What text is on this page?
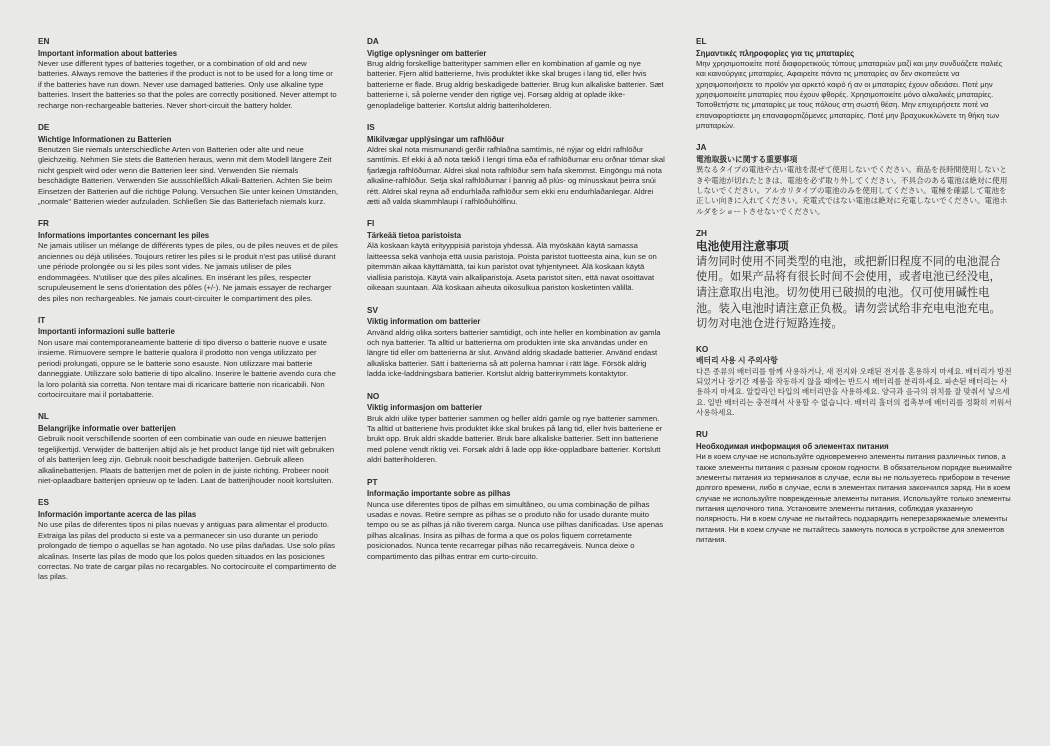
EN
Important information about batteries
Never use different types of batteries together, or a combination of old and new batteries. Always remove the batteries if the product is not to be used for a long time or if the batteries have run down. Never use damaged batteries. Only use alkaline type batteries. Insert the batteries so that the poles are correctly positioned. Never attempt to recharge non-rechargeable batteries. Never short-circuit the battery holder.
DE
Wichtige Informationen zu Batterien
Benutzen Sie niemals unterschiedliche Arten von Batterien oder alte und neue gleichzeitig. Nehmen Sie stets die Batterien heraus, wenn mit dem Modell längere Zeit nicht gespielt wird oder wenn die Batterien leer sind. Verwenden Sie niemals beschädigte Batterien. Verwenden Sie ausschließlich Alkali-Batterien. Achten Sie beim Einsetzen der Batterien auf die richtige Polung. Versuchen Sie unter keinen Umständen, „normale" Batterien wieder aufzuladen. Schließen Sie das Batteriefach niemals kurz.
FR
Informations importantes concernant les piles
Ne jamais utiliser un mélange de différents types de piles, ou de piles neuves et de piles anciennes ou déjà utilisées. Toujours retirer les piles si le produit n'est pas utilisé durant une période prolongée ou si les piles sont vides. Ne jamais utiliser de piles endommagées. N'utiliser que des piles alcalines. En insérant les piles, respecter scrupuleusement le sens d'orientation des pôles (+/-). Ne jamais essayer de recharger des piles non rechargeables. Ne jamais court-circuiter le compartiment des piles.
IT
Importanti informazioni sulle batterie
Non usare mai contemporaneamente batterie di tipo diverso o batterie nuove e usate insieme. Rimuovere sempre le batterie qualora il prodotto non venga utilizzato per periodi prolungati, oppure se le batterie sono esauste. Non utilizzare mai batterie danneggiate. Utilizzare solo batterie di tipo alcalino. Inserire le batterie avendo cura che la loro polarità sia corretta. Non tentare mai di ricaricare batterie non ricaricabili. Non cortocircuitare mai il portabatterie.
NL
Belangrijke informatie over batterijen
Gebruik nooit verschillende soorten of een combinatie van oude en nieuwe batterijen tegelijkertijd. Verwijder de batterijen altijd als je het product lange tijd niet wilt gebruiken of als batterijen leeg zijn. Gebruik nooit beschadigde batterijen. Gebruik alleen alkalinebatterijen. Plaats de batterijen met de polen in de juiste richting. Probeer nooit niet-oplaadbare batterijen opnieuw op te laden. Laat de batterijhouder nooit kortsluiten.
ES
Información importante acerca de las pilas
No use pilas de diferentes tipos ni pilas nuevas y antiguas para alimentar el producto. Extraiga las pilas del producto si este va a permanecer sin uso durante un periodo prolongado de tiempo o aquellas se han agotado. No use pilas dañadas. Use solo pilas alcalinas. Inserte las pilas de modo que los polos queden situados en las posiciones correctas. No trate de cargar pilas no recargables. No cortocircuite el compartimento de las pilas.
DA
Vigtige oplysninger om batterier
Brug aldrig forskellige batterityper sammen eller en kombination af gamle og nye batterier. Fjern altid batterierne, hvis produktet ikke skal bruges i lang tid, eller hvis batterierne er flade. Brug aldrig beskadigede batterier. Brug kun alkaliske batterier. Sæt batterierne i, så polerne vender den rigtige vej. Forsøg aldrig at oplade ikke-genopladelige batterier. Kortslut aldrig batteriholderen.
IS
Mikilvægar upplýsingar um rafhlöður
Aldrei skal nota mismunandi gerðir rafhlaðna samtímis, né nýjar og eldri rafhlöður samtímis. Ef ekki á að nota tækið í lengri tíma eða ef rafhlöðurnar eru orðnar tómar skal fjarlægja rafhlöðurnar. Aldrei skal nota rafhlöður sem hafa skemmst. Eingöngu má nota alkaline-rafhlöður. Setja skal rafhlöðurnar í þannig að plús- og mínusskaut þeirra snúi rétt. Aldrei skal reyna að endurhlaða rafhlöður sem ekki eru endurhlaðanlegar. Aldrei ætti að valda skammhlaupi í rafhlöðuhólfinu.
FI
Tärkeää tietoa paristoista
Älä koskaan käytä erityyppisiä paristoja yhdessä. Älä myöskään käytä samassa laitteessa sekä vanhoja että uusia paristoja. Poista paristot tuotteesta aina, kun se on pitemmän aikaa käyttämättä, tai kun paristot ovat tyhjentyneet. Älä koskaan käytä viallisia paristoja. Käytä vain alkaliparistoja. Aseta paristot siten, että navat osoittavat oikeaan suuntaan. Älä koskaan aiheuta oikosulkua pariston kosketinten välillä.
SV
Viktig information om batterier
Använd aldrig olika sorters batterier samtidigt, och inte heller en kombination av gamla och nya batterier. Ta alltid ur batterierna om produkten inte ska användas under en längre tid eller om batterierna är slut. Använd aldrig skadade batterier. Använd endast alkaliska batterier. Sätt i batterierna så att polerna hamnar i rätt läge. Försök aldrig ladda icke-laddningsbara batterier. Kortslut aldrig batterirymmets kontaktytor.
NO
Viktig informasjon om batterier
Bruk aldri ulike typer batterier sammen og heller aldri gamle og nye batterier sammen. Ta alltid ut batteriene hvis produktet ikke skal brukes på lang tid, eller hvis batteriene er brukt opp. Bruk aldri skadde batterier. Bruk bare alkaliske batterier. Sett inn batteriene med polene vendt riktig vei. Forsøk aldri å lade opp ikke-oppladbare batterier. Kortslutt aldri batteriholderen.
PT
Informação importante sobre as pilhas
Nunca use diferentes tipos de pilhas em simultâneo, ou uma combinação de pilhas usadas e novas. Retire sempre as pilhas se o produto não for usado durante muito tempo ou se as pilhas já não tiverem carga. Nunca use pilhas danificadas. Use apenas pilhas alcalinas. Insira as pilhas de forma a que os polos fiquem corretamente posicionados. Nunca tente recarregar pilhas não recarregáveis. Nunca deixe o compartimento das pilhas entrar em curto-circuito.
EL
Σημαντικές πληροφορίες για τις μπαταρίες
Μην χρησιμοποιείτε ποτέ διαφορετικούς τύπους μπαταριών μαζί και μην συνδυάζετε παλιές και καινούργιες μπαταρίες. Αφαιρείτε πάντα τις μπαταρίες αν δεν σκοπεύετε να χρησιμοποιήσετε το προϊόν για αρκετό καιρό ή αν οι μπαταρίες έχουν αδειάσει. Ποτέ μην χρησιμοποιείτε μπαταρίες που έχουν φθορές. Χρησιμοποιείτε μόνο αλκαλικές μπαταρίες. Τοποθετήστε τις μπαταρίες με τους πόλους στη σωστή θέση. Μην επιχειρήσετε ποτέ να επαναφορτίσετε μη επαναφορτιζόμενες μπαταρίες. Ποτέ μην βραχυκυκλώνετε τη θήκη των μπαταριών.
JA
電池取扱いに関する重要事項
異なるタイプの電池や古い電池を混ぜて使用しないでください。商品を長時間使用しないときや電池が切れたときは、電池を必ず取り外してください。不具合のある電池は絶対に使用しないでください。アルカリタイプの電池のみを使用してください。電極を確認して電池を正しい向きに入れてください。充電式ではない電池は絶対に充電しないでください。電池ホルダをショートさせないでください。
ZH
电池使用注意事项
请勿同时使用不同类型的电池，或把新旧程度不同的电池混合使用。如果产品将有很长时间不会使用，或者电池已经没电，请注意取出电池。切勿使用已破损的电池。仅可使用碱性电池。装入电池时请注意正负极。请勿尝试给非充电电池充电。切勿对电池仓进行短路连接。
KO
배터리 사용 시 주의사항
다른 종류의 배터리를 함께 사용하거나, 새 전지와 오래된 전지를 혼용하지 마세요. 배터리가 방전되었거나 장기간 제품을 작동하지 않을 때에는 반드시 배터리를 분리하세요. 파손된 배터리는 사용하지 마세요. 알칼라인 타입의 배터리만을 사용하세요. 양극과 음극의 위치를 잘 맞춰서 넣으세요. 일반 배터리는 충전해서 사용할 수 없습니다. 배터리 홀더의 접촉부에 배터리를 정확히 끼워서 사용하세요.
RU
Необходимая информация об элементах питания
Ни в коем случае не используйте одновременно элементы питания различных типов, а также элементы питания с разным сроком годности. В обязательном порядке вынимайте элементы питания из терминалов в случае, если вы не пользуетесь прибором в течение долгого времени, либо в случае, если в элементах питания закончился заряд. Ни в коем случае не используйте поврежденные элементы питания. Используйте только элементы питания щелочного типа. Установите элементы питания, соблюдая указанную полярность. Ни в коем случае не пытайтесь подзарядить неперезаряжаемые элементы питания. Ни в коем случае не пытайтесь замкнуть полюса в устройстве для элементов питания.
